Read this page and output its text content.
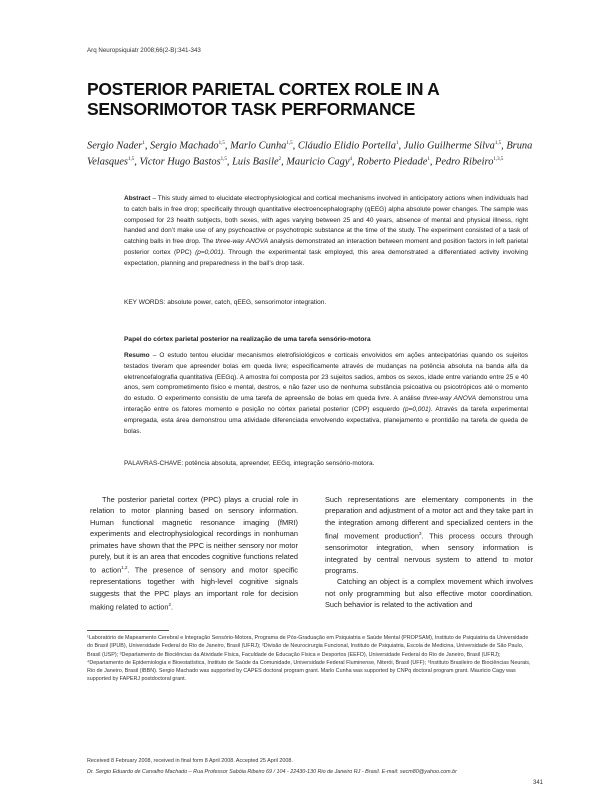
Arq Neuropsiquiatr 2008;66(2-B):341-343
POSTERIOR PARIETAL CORTEX ROLE IN A SENSORIMOTOR TASK PERFORMANCE
Sergio Nader$^1$, Sergio Machado$^{1,5}$, Marlo Cunha$^{1,5}$, Cláudio Elidio Portella$^1$, Julio Guilherme Silva$^{1,5}$, Bruna Velasques$^{1,5}$, Victor Hugo Bastos$^{1,5}$, Luis Basile$^2$, Mauricio Cagy$^4$, Roberto Piedade$^1$, Pedro Ribeiro$^{1,3,5}$
Abstract – This study aimed to elucidate electrophysiological and cortical mechanisms involved in anticipatory actions when individuals had to catch balls in free drop; specifically through quantitative electroencephalography (qEEG) alpha absolute power changes. The sample was composed for 23 health subjects, both sexes, with ages varying between 25 and 40 years, absence of mental and physical illness, right handed and don’t make use of any psychoactive or psychotropic substance at the time of the study. The experiment consisted of a task of catching balls in free drop. The three-way ANOVA analysis demonstrated an interaction between moment and position factors in left parietal posterior cortex (PPC) (p=0,001). Through the experimental task employed, this area demonstrated a differentiated activity involving expectation, planning and preparedness in the ball’s drop task.
KEY WORDS: absolute power, catch, qEEG, sensorimotor integration.
Papel do córtex parietal posterior na realização de uma tarefa sensório-motora
Resumo – O estudo tentou elucidar mecanismos eletrofisiológicos e corticais envolvidos em ações antecipatórias quando os sujeitos testados tiveram que apreender bolas em queda livre; especificamente através de mudanças na potência absoluta na banda alfa da eletrencefalografia quantitativa (EEGq). A amostra foi composta por 23 sujeitos sadios, ambos os sexos, idade entre variando entre 25 e 40 anos, sem comprometimento físico e mental, destros, e não fazer uso de nenhuma substância psicoativa ou psicotrópicos até o momento do estudo. O experimento consistiu de uma tarefa de apreensão de bolas em queda livre. A análise three-way ANOVA demonstrou uma interação entre os fatores momento e posição no córtex parietal posterior (CPP) esquerdo (p=0,001). Através da tarefa experimental empregada, esta área demonstrou uma atividade diferenciada envolvendo expectativa, planejamento e prontidão na tarefa de queda de bolas.
PALAVRAS-CHAVE: potência absoluta, apreender, EEGq, integração sensório-motora.

The posterior parietal cortex (PPC) plays a crucial role in relation to motor planning based on sensory information. Human functional magnetic resonance imaging (fMRI) experiments and electrophysiological recordings in nonhuman primates have shown that the PPC is neither sensory nor motor purely, but it is an area that encodes cognitive functions related to action$^{1,2}$. The presence of sensory and motor specific representations together with high-level cognitive signals suggests that the PPC plays an important role for decision making related to action$^2$.

Such representations are elementary components in the preparation and adjustment of a motor act and they take part in the integration among different and specialized centers in the final movement production$^3$. This process occurs through sensorimotor integration, when sensory information is integrated by central nervous system to attend to motor programs.

Catching an object is a complex movement which involves not only programming but also effective motor coordination. Such behavior is related to the activation and

¹Laboratório de Mapeamento Cerebral e Integração Sensório-Motora, Programa de Pós-Graduação em Psiquiatria e Saúde Mental (PROPSAM), Instituto de Psiquiatria da Universidade do Brasil (IPUB), Universidade Federal do Rio de Janeiro, Brasil (UFRJ); ²Divisão de Neurocirurgia Funcional, Instituto de Psiquiatria, Escola de Medicina, Universidade de São Paulo, Brasil (USP); ³Departamento de Biociências da Atividade Física, Faculdade de Educação Física e Desportos (EEFD), Universidade Federal do Rio de Janeiro, Brasil (UFRJ); ⁴Departamento de Epidemiologia e Bioestatística, Instituto de Saúde da Comunidade, Universidade Federal Fluminense, Niterói, Brasil (UFF); ⁵Instituto Brasileiro de Biociências Neurais, Rio de Janeiro, Brasil (IBBN). Sergio Machado was supported by CAPES doctoral program grant. Marlo Cunha was supported by CNPq doctoral program grant. Mauricio Cagy was supported by FAPERJ postdoctoral grant.
Received 8 February 2008, received in final form 8 April 2008. Accepted 25 April 2008.
Dr. Sergio Eduardo de Carvalho Machado – Rua Professor Sabóia Ribeiro 69 / 104 - 22430-130 Rio de Janeiro RJ - Brasil. E-mail: secm80@yahoo.com.br
341
